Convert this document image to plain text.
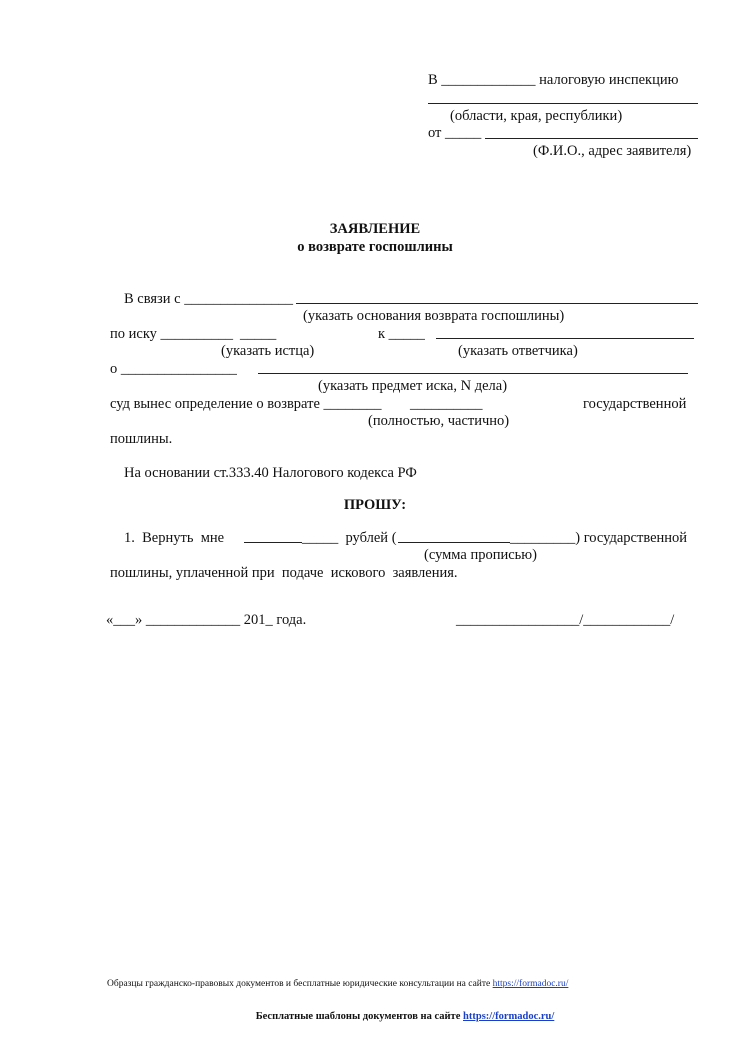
В _____________ налоговую инспекцию
(области, края, республики)
от _____
(Ф.И.О., адрес заявителя)
ЗАЯВЛЕНИЕ
о возврате госпошлины
В связи с _______________
(указать основания возврата госпошлины)
по иску __________ _____	к _____
(указать истца)	(указать ответчика)
о ________________
(указать предмет иска, N дела)
суд вынес определение о возврате ________ __________	государственной
(полностью, частично)
пошлины.
На основании ст.333.40 Налогового кодекса РФ
ПРОШУ:
1.  Вернуть  мне	_____  рублей (	_________) государственной
(сумма прописью)
пошлины, уплаченной при  подаче  искового  заявления.
«___» _____________ 201_ года.	_________________/____________/
Образцы гражданско-правовых документов и бесплатные юридические консультации на сайте https://formadoc.ru/
Бесплатные шаблоны документов на сайте https://formadoc.ru/
